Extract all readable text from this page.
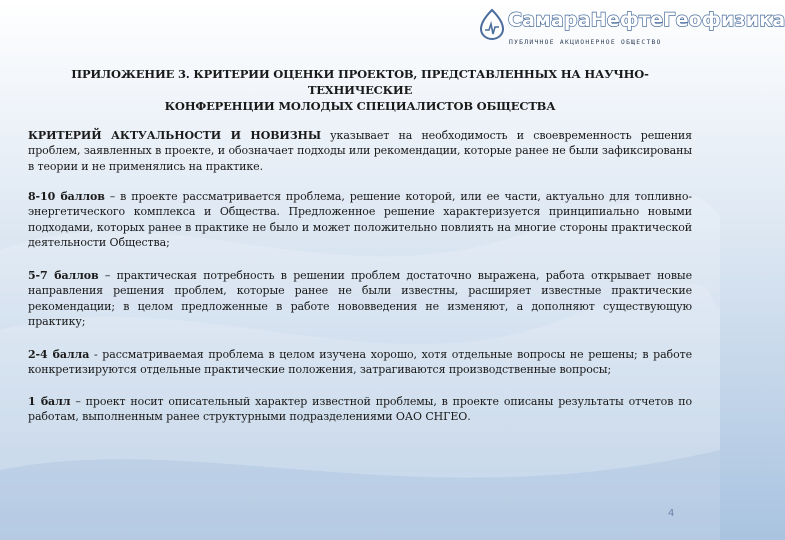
СамараНефтеГеофизика
ПУБЛИЧНОЕ АКЦИОНЕРНОЕ ОБЩЕСТВО
ПРИЛОЖЕНИЕ 3. КРИТЕРИИ ОЦЕНКИ ПРОЕКТОВ, ПРЕДСТАВЛЕННЫХ НА НАУЧНО-ТЕХНИЧЕСКИЕ
КОНФЕРЕНЦИИ МОЛОДЫХ СПЕЦИАЛИСТОВ ОБЩЕСТВА

КРИТЕРИЙ АКТУАЛЬНОСТИ И НОВИЗНЫ указывает на необходимость и своевременность решения проблем, заявленных в проекте, и обозначает подходы или рекомендации, которые ранее не были зафиксированы в теории и не применялись на практике.

8-10 баллов – в проекте рассматривается проблема, решение которой, или ее части, актуально для топливно-энергетического комплекса и Общества. Предложенное решение характеризуется принципиально новыми подходами, которых ранее в практике не было и может положительно повлиять на многие стороны практической деятельности Общества;

5-7 баллов – практическая потребность в решении проблем достаточно выражена, работа открывает новые направления решения проблем, которые ранее не были известны, расширяет известные практические рекомендации; в целом предложенные в работе нововведения не изменяют, а дополняют существующую практику;

2-4 балла - рассматриваемая проблема в целом изучена хорошо, хотя отдельные вопросы не решены; в работе конкретизируются отдельные практические положения, затрагиваются производственные вопросы;

1 балл – проект носит описательный характер известной проблемы, в проекте описаны результаты отчетов по работам, выполненным ранее структурными подразделениями ОАО СНГЕО.

4
